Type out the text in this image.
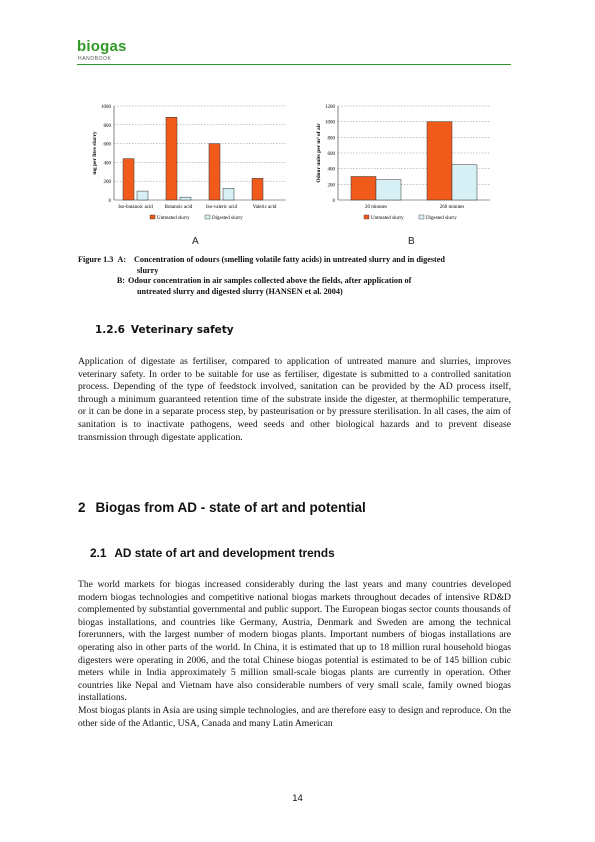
biogas
HANDBOOK
0
200
400
600
800
1000
mg per litre slurry
Iso-butanoic acid Butanoic acid	Iso-valeric acid	Valeric acid
Untreated slurry	Digested slurry
A
0
200
400
600
800
1000
1200
Odour units per m³ of air
20 minutes	260 minutes
Untreated slurry	Digested slurry
B
Figure 1.3 A: Concentration of odours (smelling volatile fatty acids) in untreated slurry and in digested
slurry
B: Odour concentration in air samples collected above the fields, after application of
untreated slurry and digested slurry (HANSEN et al. 2004)
1.2.6 Veterinary safety

Application of digestate as fertiliser, compared to application of untreated manure and slurries, improves veterinary safety. In order to be suitable for use as fertiliser, digestate is submitted to a controlled sanitation process. Depending of the type of feedstock involved, sanitation can be provided by the AD process itself, through a minimum guaranteed retention time of the substrate inside the digester, at thermophilic temperature, or it can be done in a separate process step, by pasteurisation or by pressure sterilisation. In all cases, the aim of sanitation is to inactivate pathogens, weed seeds and other biological hazards and to prevent disease transmission through digestate application.

2 Biogas from AD - state of art and potential
2.1 AD state of art and development trends

The world markets for biogas increased considerably during the last years and many countries developed modern biogas technologies and competitive national biogas markets throughout decades of intensive RD&D complemented by substantial governmental and public support. The European biogas sector counts thousands of biogas installations, and countries like Germany, Austria, Denmark and Sweden are among the technical forerunners, with the largest number of modern biogas plants. Important numbers of biogas installations are operating also in other parts of the world. In China, it is estimated that up to 18 million rural household biogas digesters were operating in 2006, and the total Chinese biogas potential is estimated to be of 145 billion cubic meters while in India approximately 5 million small-scale biogas plants are currently in operation. Other countries like Nepal and Vietnam have also considerable numbers of very small scale, family owned biogas installations.

Most biogas plants in Asia are using simple technologies, and are therefore easy to design and reproduce. On the other side of the Atlantic, USA, Canada and many Latin American

14
